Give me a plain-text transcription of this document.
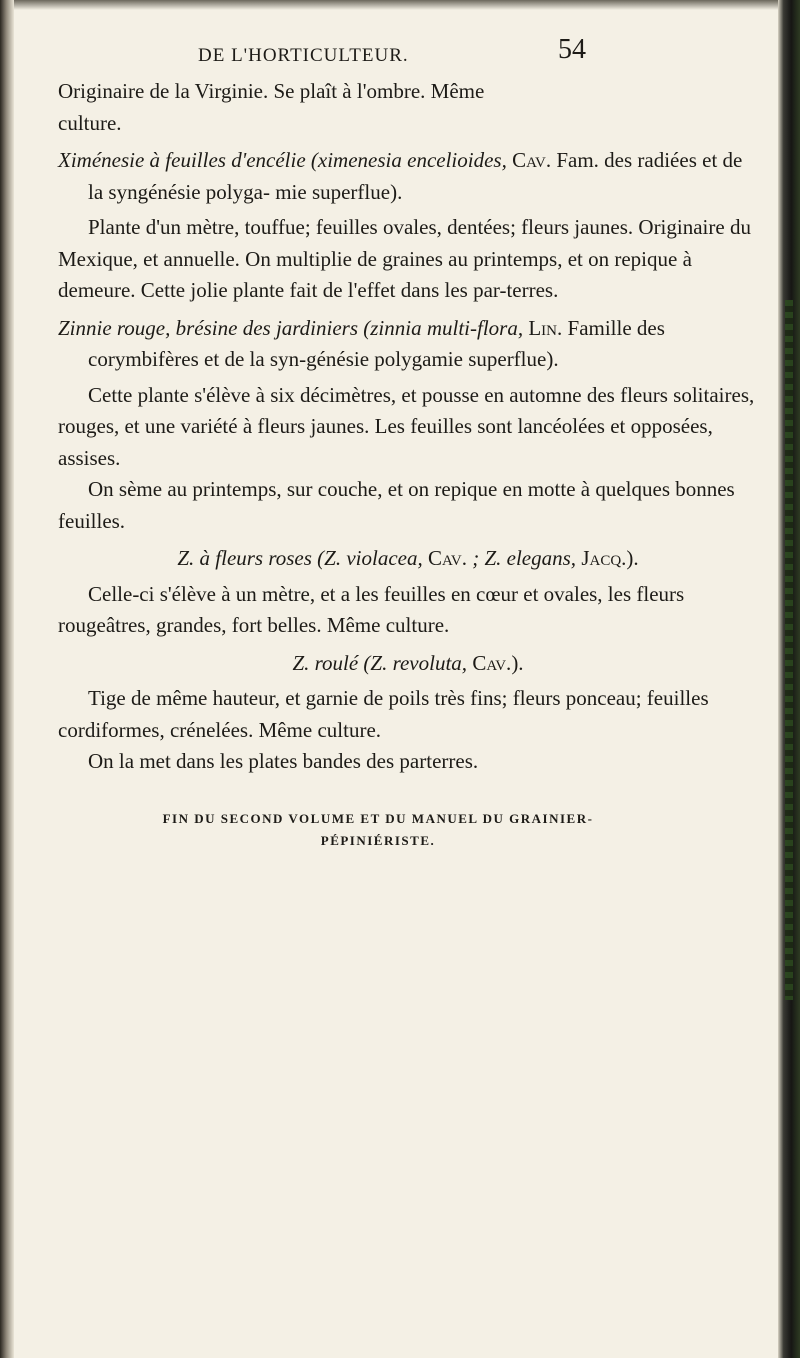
DE L'HORTICULTEUR.	54

Originaire de la Virginie. Se plaît à l'ombre. Même
culture.

Ximénesie à feuilles d'encélie (ximenesia encelioides, Cav. Fam. des radiées et de la syngénésie polyga- mie superflue).

Plante d'un mètre, touffue; feuilles ovales, dentées; fleurs jaunes. Originaire du Mexique, et annuelle. On multiplie de graines au printemps, et on repique à demeure. Cette jolie plante fait de l'effet dans les par-terres.

Zinnie rouge, brésine des jardiniers (zinnia multi-flora, Lin. Famille des corymbifères et de la syn-génésie polygamie superflue).

Cette plante s'élève à six décimètres, et pousse en automne des fleurs solitaires, rouges, et une variété à fleurs jaunes. Les feuilles sont lancéolées et opposées, assises.

On sème au printemps, sur couche, et on repique en motte à quelques bonnes feuilles.

Z. à fleurs roses (Z. violacea, Cav. ; Z. elegans, Jacq.).

Celle-ci s'élève à un mètre, et a les feuilles en cœur et ovales, les fleurs rougeâtres, grandes, fort belles. Même culture.

Z. roulé (Z. revoluta, Cav.).

Tige de même hauteur, et garnie de poils très fins; fleurs ponceau; feuilles cordiformes, crénelées. Même culture.

On la met dans les plates bandes des parterres.

FIN DU SECOND VOLUME ET DU MANUEL DU GRAINIER-
PÉPINIÉRISTE.
